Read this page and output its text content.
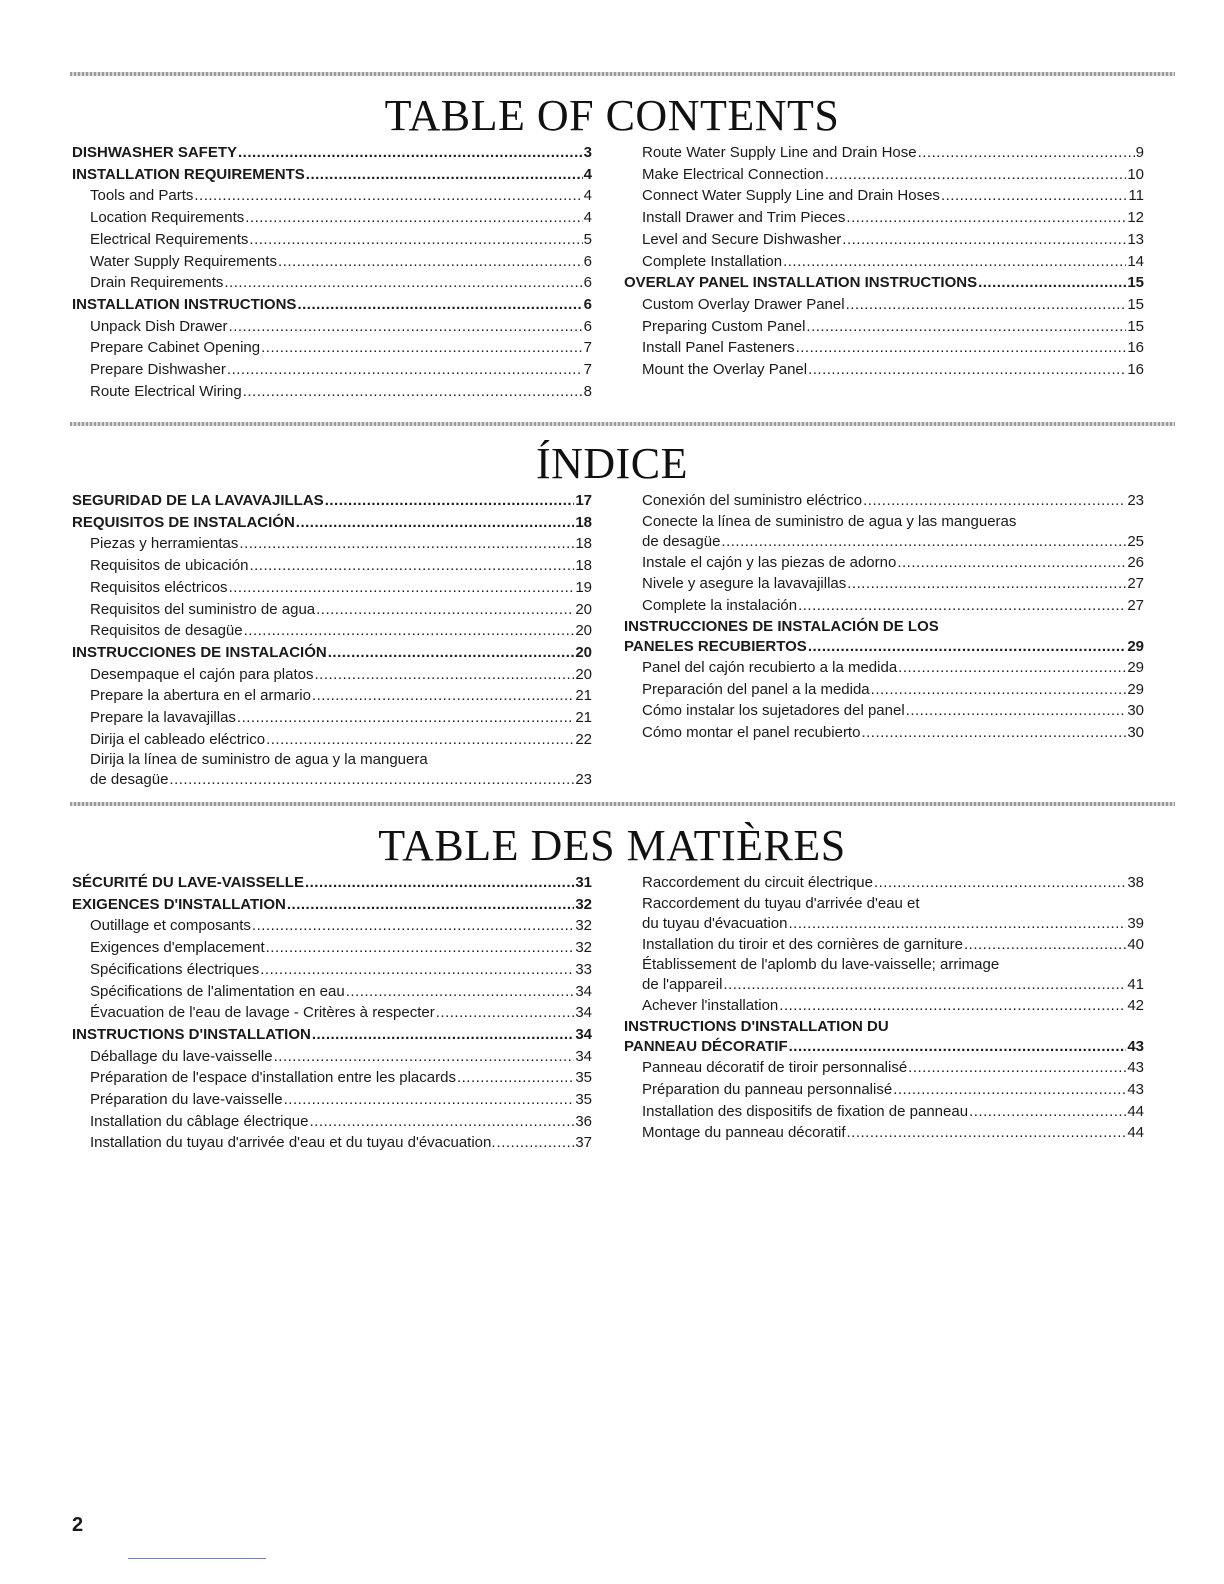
TABLE OF CONTENTS
DISHWASHER SAFETY .....	3
INSTALLATION REQUIREMENTS .....	4
Tools and Parts .....	4
Location Requirements .....	4
Electrical Requirements .....	5
Water Supply Requirements .....	6
Drain Requirements .....	6
INSTALLATION INSTRUCTIONS .....	6
Unpack Dish Drawer .....	6
Prepare Cabinet Opening .....	7
Prepare Dishwasher .....	7
Route Electrical Wiring .....	8
Route Water Supply Line and Drain Hose .....	9
Make Electrical Connection .....	10
Connect Water Supply Line and Drain Hoses .....	11
Install Drawer and Trim Pieces .....	12
Level and Secure Dishwasher .....	13
Complete Installation .....	14
OVERLAY PANEL INSTALLATION INSTRUCTIONS .....	15
Custom Overlay Drawer Panel .....	15
Preparing Custom Panel .....	15
Install Panel Fasteners .....	16
Mount the Overlay Panel .....	16
ÍNDICE
SEGURIDAD DE LA LAVAVAJILLAS .....	17
REQUISITOS DE INSTALACIÓN .....	18
Piezas y herramientas .....	18
Requisitos de ubicación .....	18
Requisitos eléctricos .....	19
Requisitos del suministro de agua .....	20
Requisitos de desagüe .....	20
INSTRUCCIONES DE INSTALACIÓN .....	20
Desempaque el cajón para platos .....	20
Prepare la abertura en el armario .....	21
Prepare la lavavajillas .....	21
Dirija el cableado eléctrico .....	22
Dirija la línea de suministro de agua y la manguera
de desagüe .....	23
Conexión del suministro eléctrico .....	23
Conecte la línea de suministro de agua y las mangueras
de desagüe .....	25
Instale el cajón y las piezas de adorno .....	26
Nivele y asegure la lavavajillas .....	27
Complete la instalación .....	27
INSTRUCCIONES DE INSTALACIÓN DE LOS
PANELES RECUBIERTOS .....	29
Panel del cajón recubierto a la medida .....	29
Preparación del panel a la medida .....	29
Cómo instalar los sujetadores del panel .....	30
Cómo montar el panel recubierto .....	30
TABLE DES MATIÈRES
SÉCURITÉ DU LAVE-VAISSELLE .....	31
EXIGENCES D'INSTALLATION .....	32
Outillage et composants .....	32
Exigences d'emplacement .....	32
Spécifications électriques .....	33
Spécifications de l'alimentation en eau .....	34
Évacuation de l'eau de lavage - Critères à respecter .....	34
INSTRUCTIONS D'INSTALLATION .....	34
Déballage du lave-vaisselle .....	34
Préparation de l'espace d'installation entre les placards .....	35
Préparation du lave-vaisselle .....	35
Installation du câblage électrique .....	36
Installation du tuyau d'arrivée d'eau et du tuyau d'évacuation. .....	37
Raccordement du circuit électrique .....	38
Raccordement du tuyau d'arrivée d'eau et
du tuyau d'évacuation .....	39
Installation du tiroir et des cornières de garniture .....	40
Établissement de l'aplomb du lave-vaisselle; arrimage
de l'appareil .....	41
Achever l'installation .....	42
INSTRUCTIONS D'INSTALLATION DU
PANNEAU DÉCORATIF .....	43
Panneau décoratif de tiroir personnalisé .....	43
Préparation du panneau personnalisé .....	43
Installation des dispositifs de fixation de panneau .....	44
Montage du panneau décoratif .....	44
2
